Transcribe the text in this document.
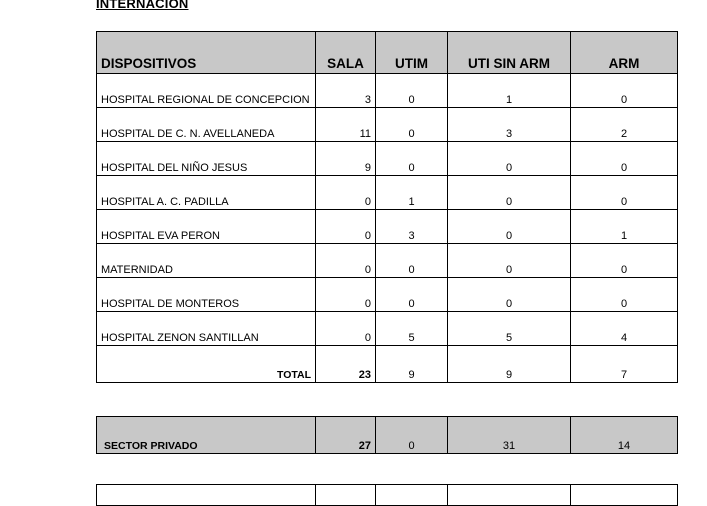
INTERNACION
DISPOSITIVOS	SALA	UTIM	UTI SIN ARM	ARM
HOSPITAL REGIONAL DE CONCEPCION	3	0	1	0
HOSPITAL DE C. N. AVELLANEDA	11	0	3	2
HOSPITAL DEL NIÑO JESUS	9	0	0	0
HOSPITAL A. C. PADILLA	0	1	0	0
HOSPITAL EVA PERON	0	3	0	1
MATERNIDAD	0	0	0	0
HOSPITAL DE MONTEROS	0	0	0	0
HOSPITAL ZENON SANTILLAN	0	5	5	4
TOTAL	23	9	9	7
SECTOR PRIVADO	27	0	31	14
